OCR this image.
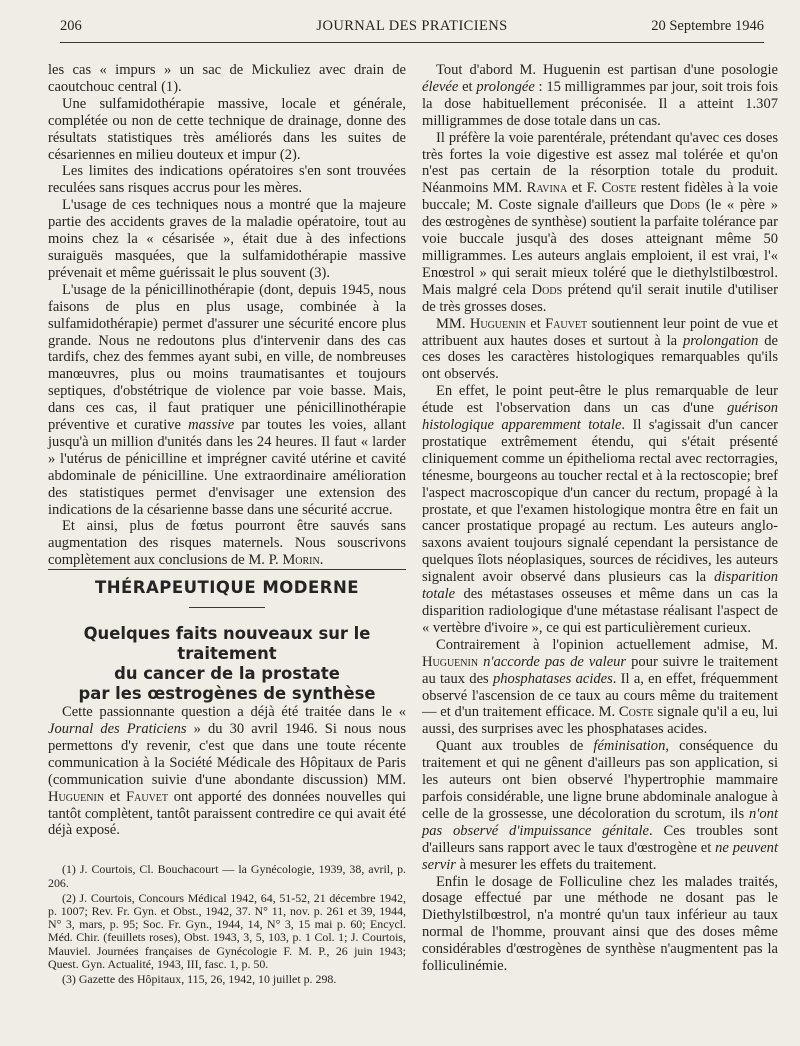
206	JOURNAL DES PRATICIENS	20 Septembre 1946

les cas « impurs » un sac de Mickuliez avec drain de caoutchouc central (1).

Une sulfamidothérapie massive, locale et générale, complétée ou non de cette technique de drainage, donne des résultats statistiques très améliorés dans les suites de césariennes en milieu douteux et impur (2).

Les limites des indications opératoires s'en sont trouvées reculées sans risques accrus pour les mères.

L'usage de ces techniques nous a montré que la majeure partie des accidents graves de la maladie opératoire, tout au moins chez la « césarisée », était due à des infections suraiguës masquées, que la sulfamidothérapie massive prévenait et même guérissait le plus souvent (3).

L'usage de la pénicillinothérapie (dont, depuis 1945, nous faisons de plus en plus usage, combinée à la sulfamidothérapie) permet d'assurer une sécurité encore plus grande. Nous ne redoutons plus d'intervenir dans des cas tardifs, chez des femmes ayant subi, en ville, de nombreuses manœuvres, plus ou moins traumatisantes et toujours septiques, d'obstétrique de violence par voie basse. Mais, dans ces cas, il faut pratiquer une pénicillinothérapie préventive et curative massive par toutes les voies, allant jusqu'à un million d'unités dans les 24 heures. Il faut « larder » l'utérus de pénicilline et imprégner cavité utérine et cavité abdominale de pénicilline. Une extraordinaire amélioration des statistiques permet d'envisager une extension des indications de la césarienne basse dans une sécurité accrue.

Et ainsi, plus de fœtus pourront être sauvés sans augmentation des risques maternels. Nous souscrivons complètement aux conclusions de M. P. Morin.

THÉRAPEUTIQUE MODERNE

Quelques faits nouveaux sur le traitement
du cancer de la prostate
par les œstrogènes de synthèse

Cette passionnante question a déjà été traitée dans le « Journal des Praticiens » du 30 avril 1946. Si nous nous permettons d'y revenir, c'est que dans une toute récente communication à la Société Médicale des Hôpitaux de Paris (communication suivie d'une abondante discussion) MM. Huguenin et Fauvet ont apporté des données nouvelles qui tantôt complètent, tantôt paraissent contredire ce qui avait été déjà exposé.

(1) J. Courtois, Cl. Bouchacourt — la Gynécologie, 1939, 38, avril, p. 206.

(2) J. Courtois, Concours Médical 1942, 64, 51-52, 21 décembre 1942, p. 1007; Rev. Fr. Gyn. et Obst., 1942, 37. N° 11, nov. p. 261 et 39, 1944, N° 3, mars, p. 95; Soc. Fr. Gyn., 1944, 14, N° 3, 15 mai p. 60; Encycl. Méd. Chir. (feuillets roses), Obst. 1943, 3, 5, 103, p. 1 Col. 1; J. Courtois, Mauviel. Journées françaises de Gynécologie F. M. P., 26 juin 1943; Quest. Gyn. Actualité, 1943, III, fasc. 1, p. 50.

(3) Gazette des Hôpitaux, 115, 26, 1942, 10 juillet p. 298.

Tout d'abord M. Huguenin est partisan d'une posologie élevée et prolongée : 15 milligrammes par jour, soit trois fois la dose habituellement préconisée. Il a atteint 1.307 milligrammes de dose totale dans un cas.

Il préfère la voie parentérale, prétendant qu'avec ces doses très fortes la voie digestive est assez mal tolérée et qu'on n'est pas certain de la résorption totale du produit. Néanmoins MM. Ravina et F. Coste restent fidèles à la voie buccale; M. Coste signale d'ailleurs que Dods (le « père » des œstrogènes de synthèse) soutient la parfaite tolérance par voie buccale jusqu'à des doses atteignant même 50 milligrammes. Les auteurs anglais emploient, il est vrai, l'« Enœstrol » qui serait mieux toléré que le diethylstilbœstrol. Mais malgré cela Dods prétend qu'il serait inutile d'utiliser de très grosses doses.

MM. Huguenin et Fauvet soutiennent leur point de vue et attribuent aux hautes doses et surtout à la prolongation de ces doses les caractères histologiques remarquables qu'ils ont observés.

En effet, le point peut-être le plus remarquable de leur étude est l'observation dans un cas d'une guérison histologique apparemment totale. Il s'agissait d'un cancer prostatique extrêmement étendu, qui s'était présenté cliniquement comme un épithelioma rectal avec rectorragies, ténesme, bourgeons au toucher rectal et à la rectoscopie; bref l'aspect macroscopique d'un cancer du rectum, propagé à la prostate, et que l'examen histologique montra être en fait un cancer prostatique propagé au rectum. Les auteurs anglo-saxons avaient toujours signalé cependant la persistance de quelques îlots néoplasiques, sources de récidives, les auteurs signalent avoir observé dans plusieurs cas la disparition totale des métastases osseuses et même dans un cas la disparition radiologique d'une métastase réalisant l'aspect de « vertèbre d'ivoire », ce qui est particulièrement curieux.

Contrairement à l'opinion actuellement admise, M. Huguenin n'accorde pas de valeur pour suivre le traitement au taux des phosphatases acides. Il a, en effet, fréquemment observé l'ascension de ce taux au cours même du traitement — et d'un traitement efficace. M. Coste signale qu'il a eu, lui aussi, des surprises avec les phosphatases acides.

Quant aux troubles de féminisation, conséquence du traitement et qui ne gênent d'ailleurs pas son application, si les auteurs ont bien observé l'hypertrophie mammaire parfois considérable, une ligne brune abdominale analogue à celle de la grossesse, une décoloration du scrotum, ils n'ont pas observé d'impuissance génitale. Ces troubles sont d'ailleurs sans rapport avec le taux d'œstrogène et ne peuvent servir à mesurer les effets du traitement.

Enfin le dosage de Folliculine chez les malades traités, dosage effectué par une méthode ne dosant pas le Diethylstilbœstrol, n'a montré qu'un taux inférieur au taux normal de l'homme, prouvant ainsi que des doses même considérables d'œstrogènes de synthèse n'augmentent pas la folliculinémie.
